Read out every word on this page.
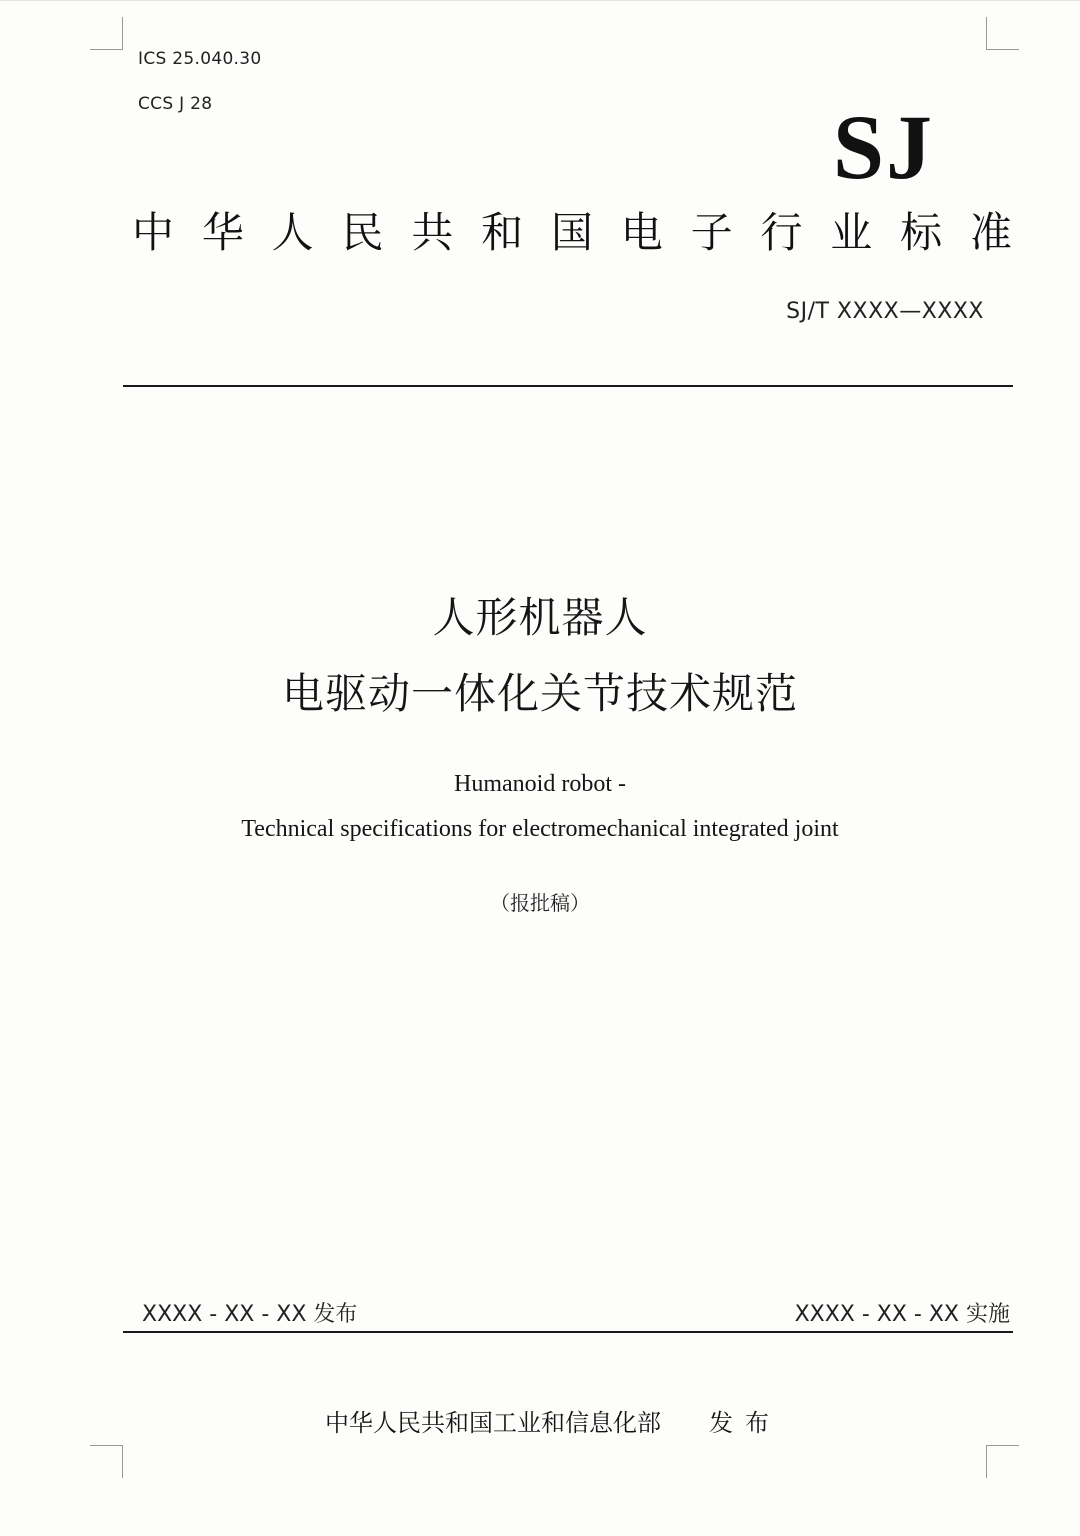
ICS 25.040.30
CCS J 28	SJ
中 华 人 民 共 和 国 电 子 行 业 标 准
SJ/T XXXX—XXXX
人形机器人
电驱动一体化关节技术规范
Humanoid robot -
Technical specifications for electromechanical integrated joint
（报批稿）
XXXX - XX - XX 发布	XXXX - XX - XX 实施
中华人民共和国工业和信息化部 发布
